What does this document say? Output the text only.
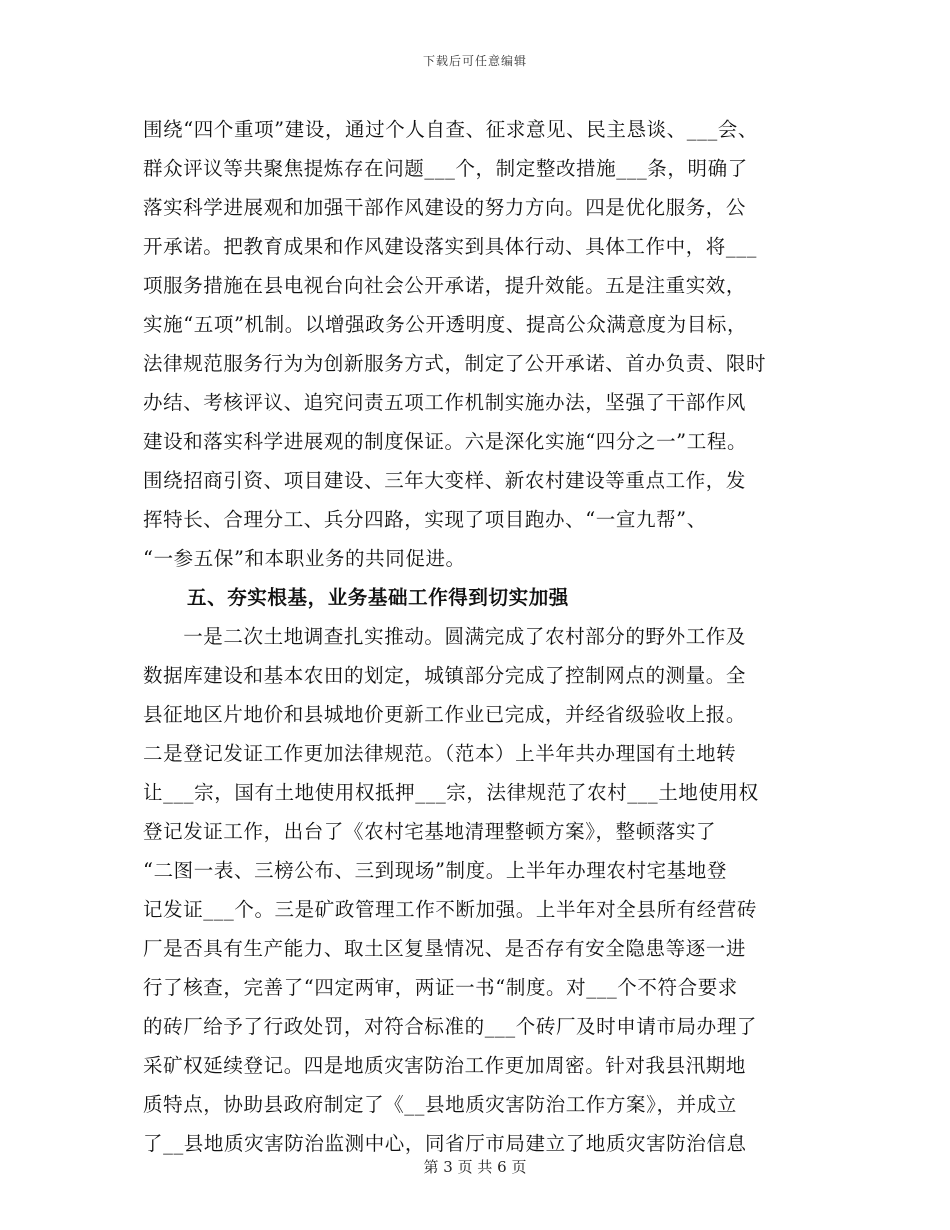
下载后可任意编辑
围绕“四个重项”建设，通过个人自查、征求意见、民主恳谈、___会、
群众评议等共聚焦提炼存在问题___个，制定整改措施___条，明确了
落实科学进展观和加强干部作风建设的努力方向。四是优化服务，公
开承诺。把教育成果和作风建设落实到具体行动、具体工作中，将___
项服务措施在县电视台向社会公开承诺，提升效能。五是注重实效，
实施“五项”机制。以增强政务公开透明度、提高公众满意度为目标，
法律规范服务行为为创新服务方式，制定了公开承诺、首办负责、限时
办结、考核评议、追究问责五项工作机制实施办法，坚强了干部作风
建设和落实科学进展观的制度保证。六是深化实施“四分之一”工程。
围绕招商引资、项目建设、三年大变样、新农村建设等重点工作，发
挥特长、合理分工、兵分四路，实现了项目跑办、“一宣九帮”、
“一参五保”和本职业务的共同促进。
五、夯实根基，业务基础工作得到切实加强
　　一是二次土地调查扎实推动。圆满完成了农村部分的野外工作及
数据库建设和基本农田的划定，城镇部分完成了控制网点的测量。全
县征地区片地价和县城地价更新工作业已完成，并经省级验收上报。
二是登记发证工作更加法律规范。（范本）上半年共办理国有土地转
让___宗，国有土地使用权抵押___宗，法律规范了农村___土地使用权
登记发证工作，出台了《农村宅基地清理整顿方案》，整顿落实了
“二图一表、三榜公布、三到现场”制度。上半年办理农村宅基地登
记发证___个。三是矿政管理工作不断加强。上半年对全县所有经营砖
厂是否具有生产能力、取土区复垦情况、是否存有安全隐患等逐一进
行了核查，完善了“四定两审，两证一书“制度。对___个不符合要求
的砖厂给予了行政处罚，对符合标准的___个砖厂及时申请市局办理了
采矿权延续登记。四是地质灾害防治工作更加周密。针对我县汛期地
质特点，协助县政府制定了《__县地质灾害防治工作方案》，并成立
了__县地质灾害防治监测中心，同省厅市局建立了地质灾害防治信息
第 3 页 共 6 页
